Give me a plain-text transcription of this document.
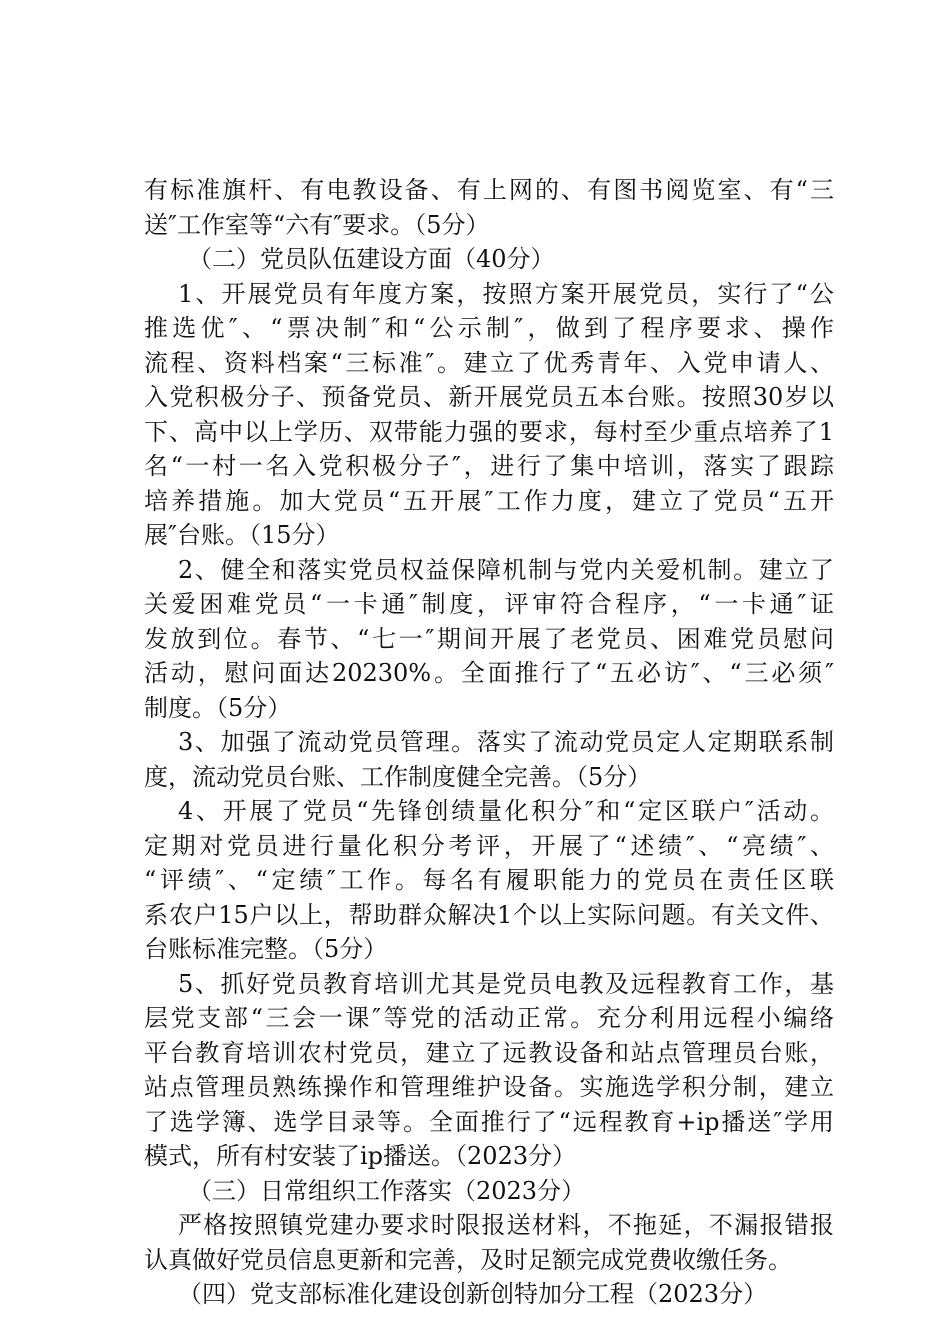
有标准旗杆、有电教设备、有上网的、有图书阅览室、有“三
送″工作室等“六有″要求。（5分）
（二）党员队伍建设方面（40分）
1、开展党员有年度方案，按照方案开展党员，实行了“公
推选优″、“票决制″和“公示制″，做到了程序要求、操作
流程、资料档案“三标准″。建立了优秀青年、入党申请人、
入党积极分子、预备党员、新开展党员五本台账。按照30岁以
下、高中以上学历、双带能力强的要求，每村至少重点培养了1
名“一村一名入党积极分子″，进行了集中培训，落实了跟踪
培养措施。加大党员“五开展″工作力度，建立了党员“五开
展″台账。（15分）
2、健全和落实党员权益保障机制与党内关爱机制。建立了
关爱困难党员“一卡通″制度，评审符合程序，“一卡通″证
发放到位。春节、“七一″期间开展了老党员、困难党员慰问
活动，慰问面达20230%。全面推行了“五必访″、“三必须″
制度。（5分）
3、加强了流动党员管理。落实了流动党员定人定期联系制
度，流动党员台账、工作制度健全完善。（5分）
4、开展了党员“先锋创绩量化积分″和“定区联户″活动。
定期对党员进行量化积分考评，开展了“述绩″、“亮绩″、
“评绩″、“定绩″工作。每名有履职能力的党员在责任区联
系农户15户以上，帮助群众解决1个以上实际问题。有关文件、
台账标准完整。（5分）
5、抓好党员教育培训尤其是党员电教及远程教育工作，基
层党支部“三会一课″等党的活动正常。充分利用远程小编络
平台教育培训农村党员，建立了远教设备和站点管理员台账，
站点管理员熟练操作和管理维护设备。实施选学积分制，建立
了选学簿、选学目录等。全面推行了“远程教育+ip播送″学用
模式，所有村安装了ip播送。（2023分）
（三）日常组织工作落实（2023分）
严格按照镇党建办要求时限报送材料，不拖延，不漏报错报
认真做好党员信息更新和完善，及时足额完成党费收缴任务。
（四）党支部标准化建设创新创特加分工程（2023分）
